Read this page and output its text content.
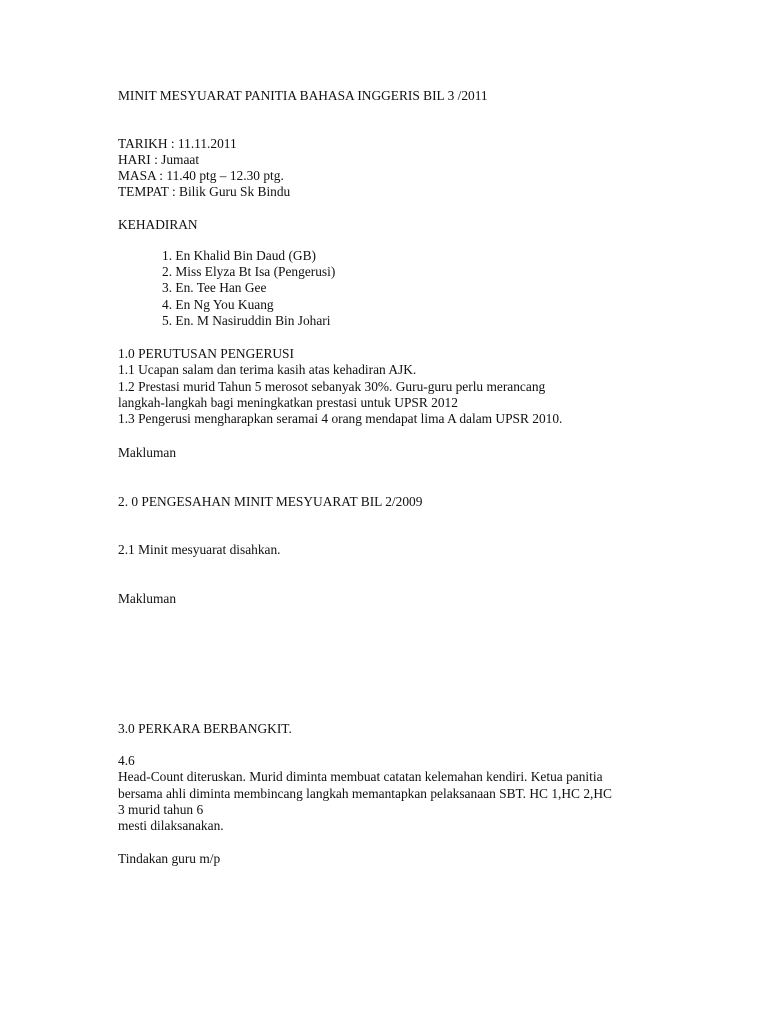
MINIT MESYUARAT PANITIA BAHASA INGGERIS BIL 3 /2011

TARIKH : 11.11.2011

HARI : Jumaat

MASA : 11.40 ptg – 12.30 ptg.

TEMPAT : Bilik Guru Sk Bindu

KEHADIRAN

1. En Khalid Bin Daud (GB)

2. Miss Elyza Bt Isa (Pengerusi)

3. En. Tee Han Gee

4. En Ng You Kuang

5. En. M Nasiruddin Bin Johari

1.0 PERUTUSAN PENGERUSI

1.1 Ucapan salam dan terima kasih atas kehadiran AJK.

1.2 Prestasi murid Tahun 5 merosot sebanyak 30%. Guru-guru perlu merancang

langkah-langkah bagi meningkatkan prestasi untuk UPSR 2012

1.3 Pengerusi mengharapkan seramai 4 orang mendapat lima A dalam UPSR 2010.

Makluman

2. 0 PENGESAHAN MINIT MESYUARAT BIL 2/2009

2.1 Minit mesyuarat disahkan.

Makluman

3.0 PERKARA BERBANGKIT.

4.6

Head-Count diteruskan. Murid diminta membuat catatan kelemahan kendiri. Ketua panitia

bersama ahli diminta membincang langkah memantapkan pelaksanaan SBT. HC 1,HC 2,HC

3 murid tahun 6

mesti dilaksanakan.

Tindakan guru m/p
